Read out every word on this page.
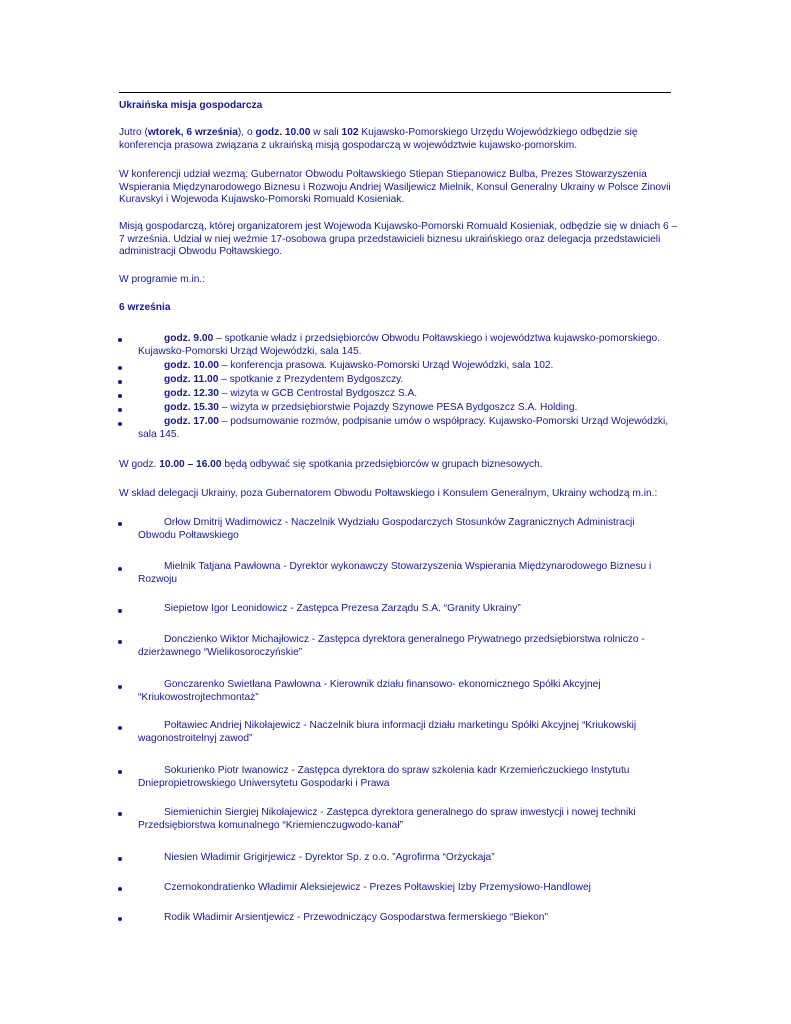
Ukraińska misja gospodarcza

Jutro (wtorek, 6 września), o godz. 10.00 w sali 102 Kujawsko-Pomorskiego Urzędu Wojewódzkiego odbędzie się konferencja prasowa związana z ukraińską misją gospodarczą w województwie kujawsko-pomorskim.

W konferencji udział wezmą: Gubernator Obwodu Połtawskiego Stiepan Stiepanowicz Bulba, Prezes Stowarzyszenia Wspierania Międzynarodowego Biznesu i Rozwoju Andriej Wasiljewicz Mielnik, Konsul Generalny Ukrainy w Polsce Zinovii Kuravskyi i Wojewoda Kujawsko-Pomorski Romuald Kosieniak.

Misją gospodarczą, której organizatorem jest Wojewoda Kujawsko-Pomorski Romuald Kosieniak, odbędzie się w dniach 6 – 7 września. Udział w niej weźmie 17-osobowa grupa przedstawicieli biznesu ukraińskiego oraz delegacja przedstawicieli administracji Obwodu Połtawskiego.

W programie m.in.:

6 września

godz. 9.00 – spotkanie władz i przedsiębiorców Obwodu Połtawskiego i województwa kujawsko-pomorskiego. Kujawsko-Pomorski Urząd Wojewódzki, sala 145.
godz. 10.00 – konferencja prasowa. Kujawsko-Pomorski Urząd Wojewódzki, sala 102.
godz. 11.00 – spotkanie z Prezydentem Bydgoszczy.
godz. 12.30 – wizyta w GCB Centrostal Bydgoszcz S.A.
godz. 15.30 – wizyta w przedsiębiorstwie Pojazdy Szynowe PESA Bydgoszcz S.A. Holding.
godz. 17.00 – podsumowanie rozmów, podpisanie umów o współpracy. Kujawsko-Pomorski Urząd Wojewódzki, sala 145.

W godz. 10.00 – 16.00 będą odbywać się spotkania przedsiębiorców w grupach biznesowych.

W skład delegacji Ukrainy, poza Gubernatorem Obwodu Połtawskiego i Konsulem Generalnym, Ukrainy wchodzą m.in.:

Orłow Dmitrij Wadimowicz - Naczelnik Wydziału Gospodarczych Stosunków Zagranicznych Administracji Obwodu Połtawskiego
Mielnik Tatjana Pawłowna - Dyrektor wykonawczy Stowarzyszenia Wspierania Międzynarodowego Biznesu i Rozwoju
Siepietow Igor Leonidowicz - Zastępca Prezesa Zarządu S.A. “Granity Ukrainy”
Donczienko Wiktor Michajłowicz - Zastępca dyrektora generalnego Prywatnego przedsiębiorstwa rolniczo - dzierżawnego “Wielikosoroczyńskie”
Gonczarenko Swietłana Pawłowna - Kierownik działu finansowo- ekonomicznego Spółki Akcyjnej “Kriukowostrojtechmontaż”
Połtawiec Andriej Nikołajewicz - Naczelnik biura informacji działu marketingu Spółki Akcyjnej “Kriukowskij wagonostroitelnyj zawod”
Sokurienko Piotr Iwanowicz - Zastępca dyrektora do spraw szkolenia kadr Krzemieńczuckiego Instytutu Dniepropietrowskiego Uniwersytetu Gospodarki i Prawa
Siemienichin Siergiej Nikołajewicz - Zastępca dyrektora generalnego do spraw inwestycji i nowej techniki Przedsiębiorstwa komunalnego “Kriemienczugwodo-kanał”
Niesien Władimir Grigirjewicz - Dyrektor Sp. z o.o. ”Agrofirma “Orżyckaja”
Czernokondratienko Władimir Aleksiejewicz - Prezes Połtawskiej Izby Przemysłowo-Handlowej
Rodik Władimir Arsientjewicz - Przewodniczący Gospodarstwa fermerskiego “Biekon”
